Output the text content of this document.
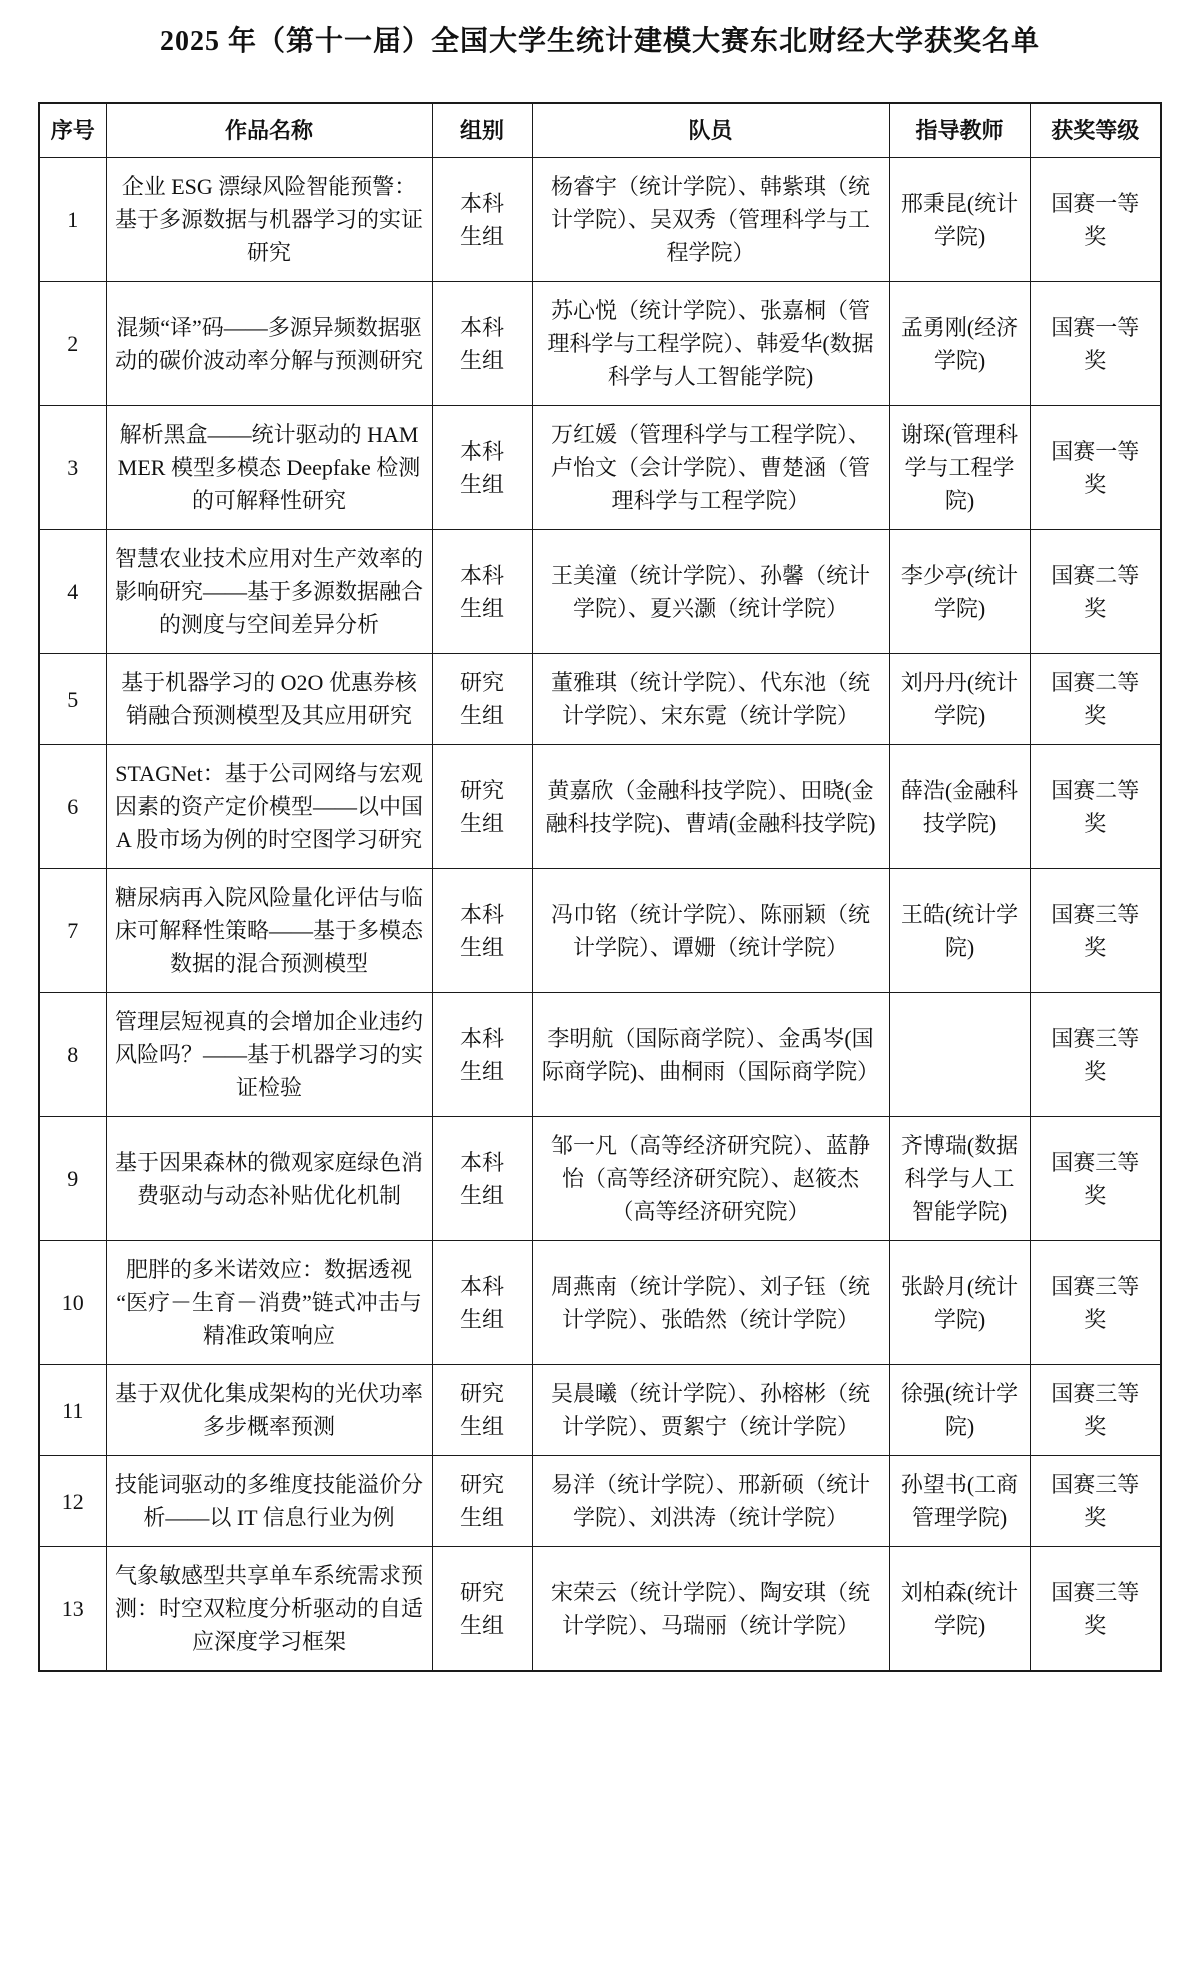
2025 年（第十一届）全国大学生统计建模大赛东北财经大学获奖名单
序号	作品名称	组别	队员	指导教师	获奖等级
1	企业 ESG 漂绿风险智能预警：基于多源数据与机器学习的实证研究	本科生组	杨睿宇（统计学院）、韩紫琪（统计学院）、吴双秀（管理科学与工程学院）	邢秉昆(统计学院)	国赛一等奖
2	混频“译”码——多源异频数据驱动的碳价波动率分解与预测研究	本科生组	苏心悦（统计学院）、张嘉桐（管理科学与工程学院）、韩爱华(数据科学与人工智能学院)	孟勇刚(经济学院)	国赛一等奖
3	解析黑盒——统计驱动的 HAMMER 模型多模态 Deepfake 检测的可解释性研究	本科生组	万红媛（管理科学与工程学院）、卢怡文（会计学院）、曹楚涵（管理科学与工程学院）	谢琛(管理科学与工程学院)	国赛一等奖
4	智慧农业技术应用对生产效率的影响研究——基于多源数据融合的测度与空间差异分析	本科生组	王美潼（统计学院）、孙馨（统计学院）、夏兴灏（统计学院）	李少亭(统计学院)	国赛二等奖
5	基于机器学习的 O2O 优惠券核销融合预测模型及其应用研究	研究生组	董雅琪（统计学院）、代东池（统计学院）、宋东霓（统计学院）	刘丹丹(统计学院)	国赛二等奖
6	STAGNet：基于公司网络与宏观因素的资产定价模型——以中国 A 股市场为例的时空图学习研究	研究生组	黄嘉欣（金融科技学院）、田晓(金融科技学院)、曹靖(金融科技学院)	薛浩(金融科技学院)	国赛二等奖
7	糖尿病再入院风险量化评估与临床可解释性策略——基于多模态数据的混合预测模型	本科生组	冯巾铭（统计学院）、陈丽颖（统计学院）、谭姗（统计学院）	王皓(统计学院)	国赛三等奖
8	管理层短视真的会增加企业违约风险吗？——基于机器学习的实证检验	本科生组	李明航（国际商学院）、金禹岑(国际商学院)、曲桐雨（国际商学院）		国赛三等奖
9	基于因果森林的微观家庭绿色消费驱动与动态补贴优化机制	本科生组	邹一凡（高等经济研究院）、蓝静怡（高等经济研究院）、赵筱杰（高等经济研究院）	齐博瑞(数据科学与人工智能学院)	国赛三等奖
10	肥胖的多米诺效应：数据透视“医疗－生育－消费”链式冲击与精准政策响应	本科生组	周燕南（统计学院）、刘子钰（统计学院）、张皓然（统计学院）	张龄月(统计学院)	国赛三等奖
11	基于双优化集成架构的光伏功率多步概率预测	研究生组	吴晨曦（统计学院）、孙榕彬（统计学院）、贾絮宁（统计学院）	徐强(统计学院)	国赛三等奖
12	技能词驱动的多维度技能溢价分析——以 IT 信息行业为例	研究生组	易洋（统计学院）、邢新硕（统计学院）、刘洪涛（统计学院）	孙望书(工商管理学院)	国赛三等奖
13	气象敏感型共享单车系统需求预测：时空双粒度分析驱动的自适应深度学习框架	研究生组	宋荣云（统计学院）、陶安琪（统计学院）、马瑞丽（统计学院）	刘柏森(统计学院)	国赛三等奖
